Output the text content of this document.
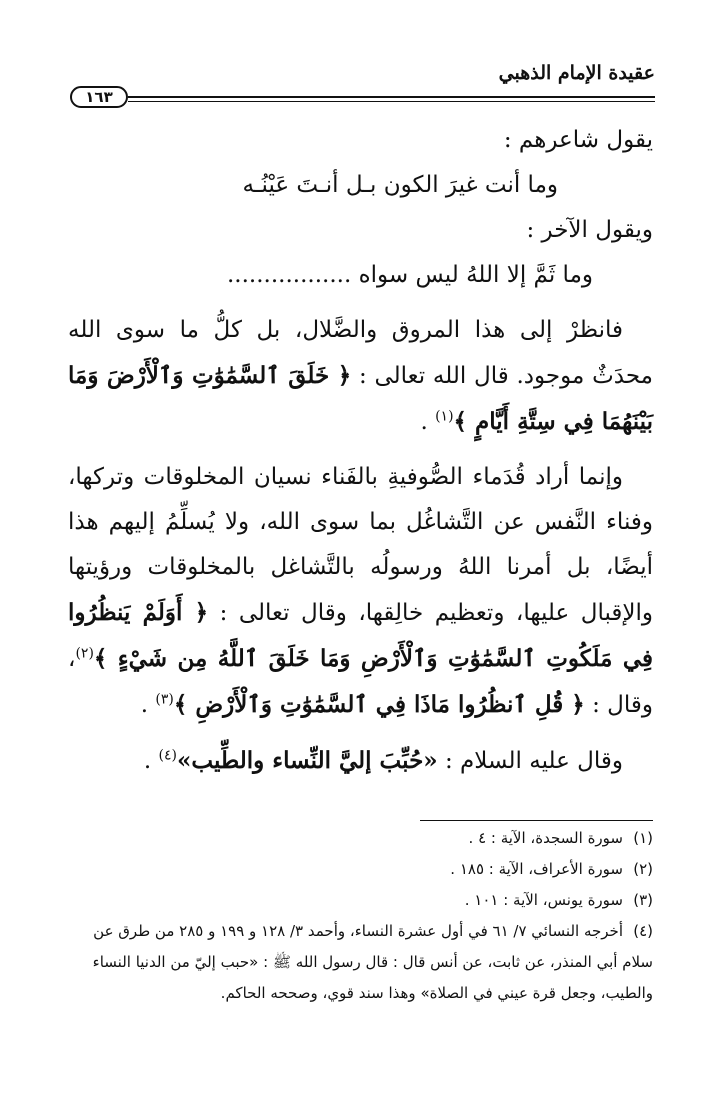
عقيدة الإمام الذهبي
١٦٣

يقول شاعرهم :

وما أنت غيرَ الكون بـل أنـتَ عَيْنُـه

ويقول الآخر :

وما ثَمَّ إلا اللهُ ليس سواه .................

فانظرْ إلى هذا المروق والضَّلال، بل كلُّ ما سوى الله محدَثٌ موجود. قال الله تعالى : ﴿ خَلَقَ ٱلسَّمَٰوَٰتِ وَٱلْأَرْضَ وَمَا بَيْنَهُمَا فِي سِتَّةِ أَيَّامٍ ﴾$^{(١)}$ .

وإنما أراد قُدَماء الصُّوفيةِ بالفَناء نسيان المخلوقات وتركها، وفناء النَّفس عن التَّشاغُل بما سوى الله، ولا يُسلِّمُ إليهم هذا أيضًا، بل أمرنا اللهُ ورسولُه بالتَّشاغل بالمخلوقات ورؤيتها والإقبال عليها، وتعظيم خالِقها، وقال تعالى : ﴿ أَوَلَمْ يَنظُرُوا فِي مَلَكُوتِ ٱلسَّمَٰوَٰتِ وَٱلْأَرْضِ وَمَا خَلَقَ ٱللَّهُ مِن شَيْءٍ ﴾$^{(٢)}$، وقال : ﴿ قُلِ ٱنظُرُوا مَاذَا فِي ٱلسَّمَٰوَٰتِ وَٱلْأَرْضِ ﴾$^{(٣)}$ .

وقال عليه السلام : «حُبِّبَ إليَّ النِّساء والطِّيب»$^{(٤)}$ .

(١)سورة السجدة، الآية : ٤ .

(٢)سورة الأعراف، الآية : ١٨٥ .

(٣)سورة يونس، الآية : ١٠١ .

(٤)أخرجه النسائي ٧/ ٦١ في أول عشرة النساء، وأحمد ٣/ ١٢٨ و ١٩٩ و ٢٨٥ من طرق عن سلام أبي المنذر، عن ثابت، عن أنس قال : قال رسول الله ﷺ : «حبب إليّ من الدنيا النساء والطيب، وجعل قرة عيني في الصلاة» وهذا سند قوي، وصححه الحاكم.
